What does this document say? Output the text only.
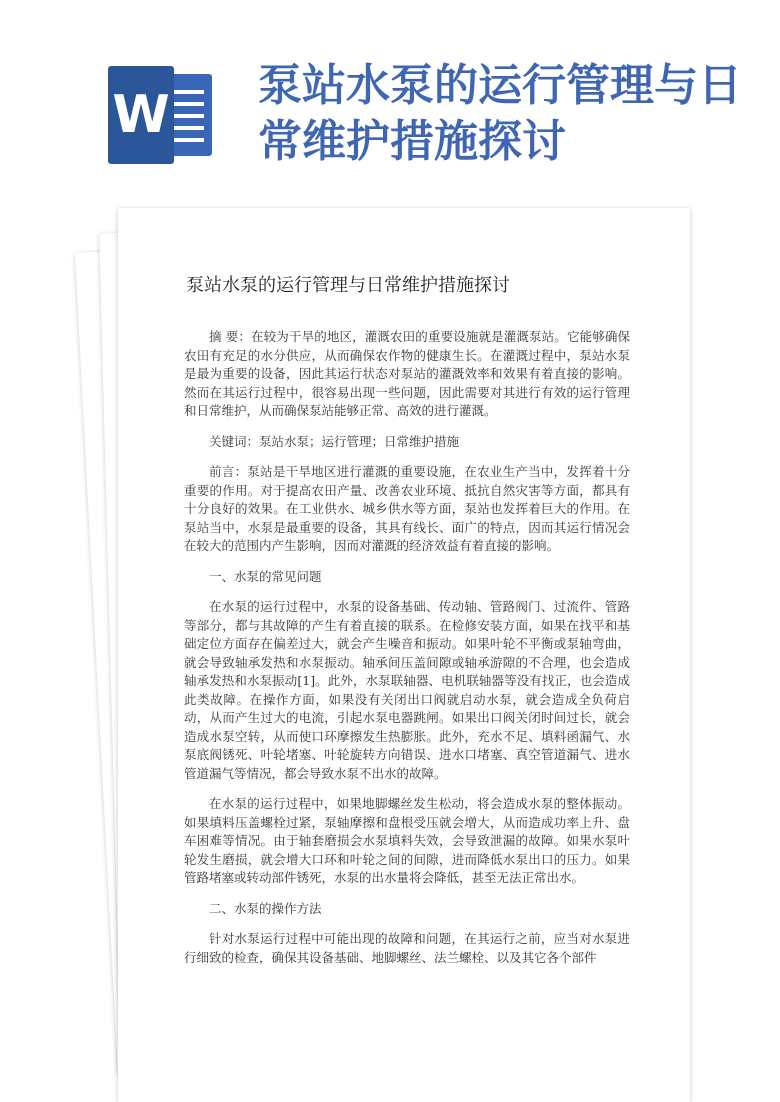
W 泵站水泵的运行管理与日常维护措施探讨
泵站水泵的运行管理与日常维护措施探讨

摘 要：在较为干旱的地区，灌溉农田的重要设施就是灌溉泵站。它能够确保农田有充足的水分供应，从而确保农作物的健康生长。在灌溉过程中，泵站水泵是最为重要的设备，因此其运行状态对泵站的灌溉效率和效果有着直接的影响。然而在其运行过程中，很容易出现一些问题，因此需要对其进行有效的运行管理和日常维护，从而确保泵站能够正常、高效的进行灌溉。

关键词：泵站水泵；运行管理；日常维护措施

前言：泵站是干旱地区进行灌溉的重要设施，在农业生产当中，发挥着十分重要的作用。对于提高农田产量、改善农业环境、抵抗自然灾害等方面，都具有十分良好的效果。在工业供水、城乡供水等方面，泵站也发挥着巨大的作用。在泵站当中，水泵是最重要的设备，其具有线长、面广的特点，因而其运行情况会在较大的范围内产生影响，因而对灌溉的经济效益有着直接的影响。

一、水泵的常见问题

在水泵的运行过程中，水泵的设备基础、传动轴、管路阀门、过流件、管路等部分，都与其故障的产生有着直接的联系。在检修安装方面，如果在找平和基础定位方面存在偏差过大，就会产生噪音和振动。如果叶轮不平衡或泵轴弯曲，就会导致轴承发热和水泵振动。轴承间压盖间隙或轴承游隙的不合理，也会造成轴承发热和水泵振动[1]。此外，水泵联轴器、电机联轴器等没有找正，也会造成此类故障。在操作方面，如果没有关闭出口阀就启动水泵，就会造成全负荷启动，从而产生过大的电流，引起水泵电器跳闸。如果出口阀关闭时间过长，就会造成水泵空转，从而使口环摩擦发生热膨胀。此外，充水不足、填料函漏气、水泵底阀锈死、叶轮堵塞、叶轮旋转方向错误、进水口堵塞、真空管道漏气、进水管道漏气等情况，都会导致水泵不出水的故障。

在水泵的运行过程中，如果地脚螺丝发生松动，将会造成水泵的整体振动。如果填料压盖螺栓过紧，泵轴摩擦和盘根受压就会增大，从而造成功率上升、盘车困难等情况。由于轴套磨损会水泵填料失效，会导致泄漏的故障。如果水泵叶轮发生磨损，就会增大口环和叶轮之间的间隙，进而降低水泵出口的压力。如果管路堵塞或转动部件锈死，水泵的出水量将会降低，甚至无法正常出水。

二、水泵的操作方法

针对水泵运行过程中可能出现的故障和问题，在其运行之前，应当对水泵进行细致的检查，确保其设备基础、地脚螺丝、法兰螺栓、以及其它各个部件
